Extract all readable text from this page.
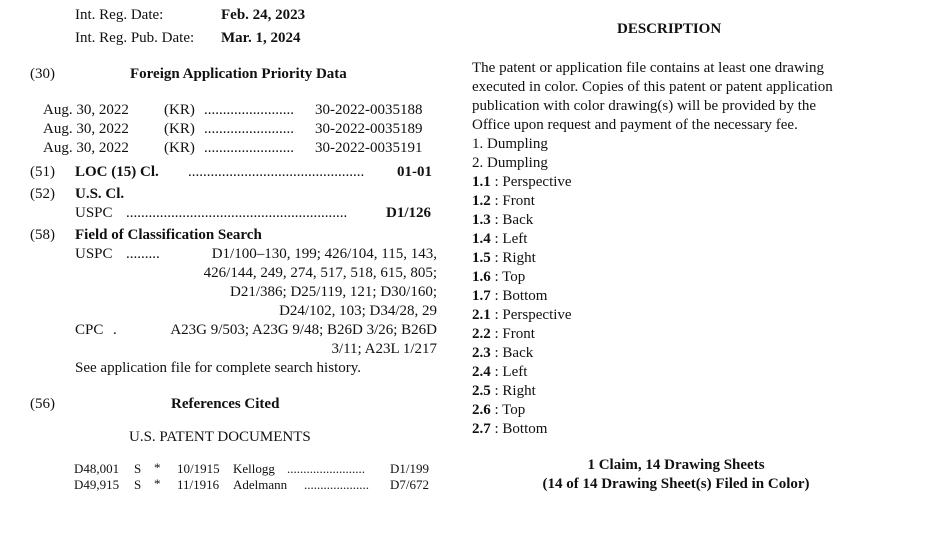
Int. Reg. Date:	Feb. 24, 2023
Int. Reg. Pub. Date: Mar. 1, 2024
(30)	Foreign Application Priority Data
Aug. 30, 2022 (KR) ........................ 30-2022-0035188
Aug. 30, 2022 (KR) ........................ 30-2022-0035189
Aug. 30, 2022 (KR) ........................ 30-2022-0035191
(51) LOC (15) Cl. ............................................... 01-01
(52) U.S. Cl.
USPC ...........................................................	D1/126
(58) Field of Classification Search
USPC .........	D1/100–130, 199; 426/104, 115, 143,
426/144, 249, 274, 517, 518, 615, 805;
D21/386; D25/119, 121; D30/160;
D24/102, 103; D34/28, 29
CPC .	A23G 9/503; A23G 9/48; B26D 3/26; B26D
3/11; A23L 1/217
See application file for complete search history.
(56)	References Cited
U.S. PATENT DOCUMENTS
D48,001 S * 10/1915 Kellogg ........................ D1/199
D49,915 S * 11/1916 Adelmann .................... D7/672
DESCRIPTION
The patent or application file contains at least one drawing
executed in color. Copies of this patent or patent application
publication with color drawing(s) will be provided by the
Office upon request and payment of the necessary fee.
1. Dumpling
2. Dumpling
1.1 : Perspective
1.2 : Front
1.3 : Back
1.4 : Left
1.5 : Right
1.6 : Top
1.7 : Bottom
2.1 : Perspective
2.2 : Front
2.3 : Back
2.4 : Left
2.5 : Right
2.6 : Top
2.7 : Bottom
1 Claim, 14 Drawing Sheets
(14 of 14 Drawing Sheet(s) Filed in Color)
